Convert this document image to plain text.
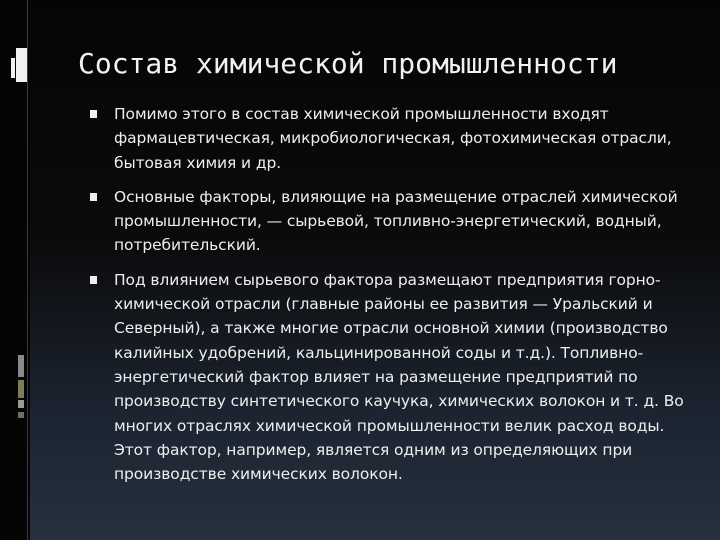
Состав химической промышленности
Помимо этого в состав химической промышленности входят фармацевтическая, микробиологическая, фотохимическая отрасли, бытовая химия и др.
Основные факторы, влияющие на размещение отраслей химической промышленности, — сырьевой, топливно-энергетический, водный, потребительский.
Под влиянием сырьевого фактора размещают предприятия горно-химической отрасли (главные районы ее развития — Уральский и Северный), а также многие отрасли основной химии (производство калийных удобрений, кальцинированной соды и т.д.). Топливно-энергетический фактор влияет на размещение предприятий по производству синтетического каучука, химических волокон и т. д. Во многих отраслях химической промышленности велик расход воды. Этот фактор, например, является одним из определяющих при производстве химических волокон.
